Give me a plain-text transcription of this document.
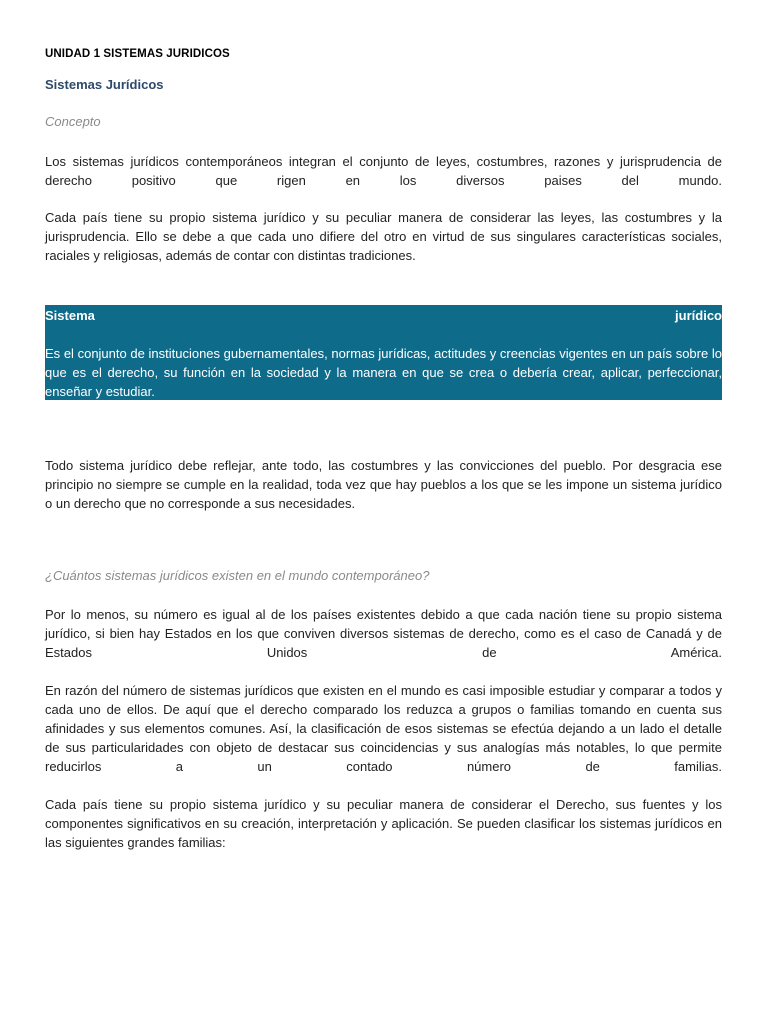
UNIDAD 1 SISTEMAS JURIDICOS
Sistemas Jurídicos
Concepto

Los sistemas jurídicos contemporáneos integran el conjunto de leyes, costumbres, razones y jurisprudencia de derecho positivo que rigen en los diversos paises del mundo.

Cada país tiene su propio sistema jurídico y su peculiar manera de considerar las leyes, las costumbres y la jurisprudencia. Ello se debe a que cada uno difiere del otro en virtud de sus singulares características sociales, raciales y religiosas, además de contar con distintas tradiciones.

Sistema	jurídico
Es el conjunto de instituciones gubernamentales, normas jurídicas, actitudes y creencias vigentes en un país sobre lo que es el derecho, su función en la sociedad y la manera en que se crea o debería crear, aplicar, perfeccionar, enseñar y estudiar.

Todo sistema jurídico debe reflejar, ante todo, las costumbres y las convicciones del pueblo. Por desgracia ese principio no siempre se cumple en la realidad, toda vez que hay pueblos a los que se les impone un sistema jurídico o un derecho que no corresponde a sus necesidades.

¿Cuántos sistemas jurídicos existen en el mundo contemporáneo?

Por lo menos, su número es igual al de los países existentes debido a que cada nación tiene su propio sistema jurídico, si bien hay Estados en los que conviven diversos sistemas de derecho, como es el caso de Canadá y de Estados Unidos de América.

En razón del número de sistemas jurídicos que existen en el mundo es casi imposible estudiar y comparar a todos y cada uno de ellos. De aquí que el derecho comparado los reduzca a grupos o familias tomando en cuenta sus afinidades y sus elementos comunes. Así, la clasificación de esos sistemas se efectúa dejando a un lado el detalle de sus particularidades con objeto de destacar sus coincidencias y sus analogías más notables, lo que permite reducirlos a un contado número de familias.

Cada país tiene su propio sistema jurídico y su peculiar manera de considerar el Derecho, sus fuentes y los componentes significativos en su creación, interpretación y aplicación. Se pueden clasificar los sistemas jurídicos en las siguientes grandes familias:
